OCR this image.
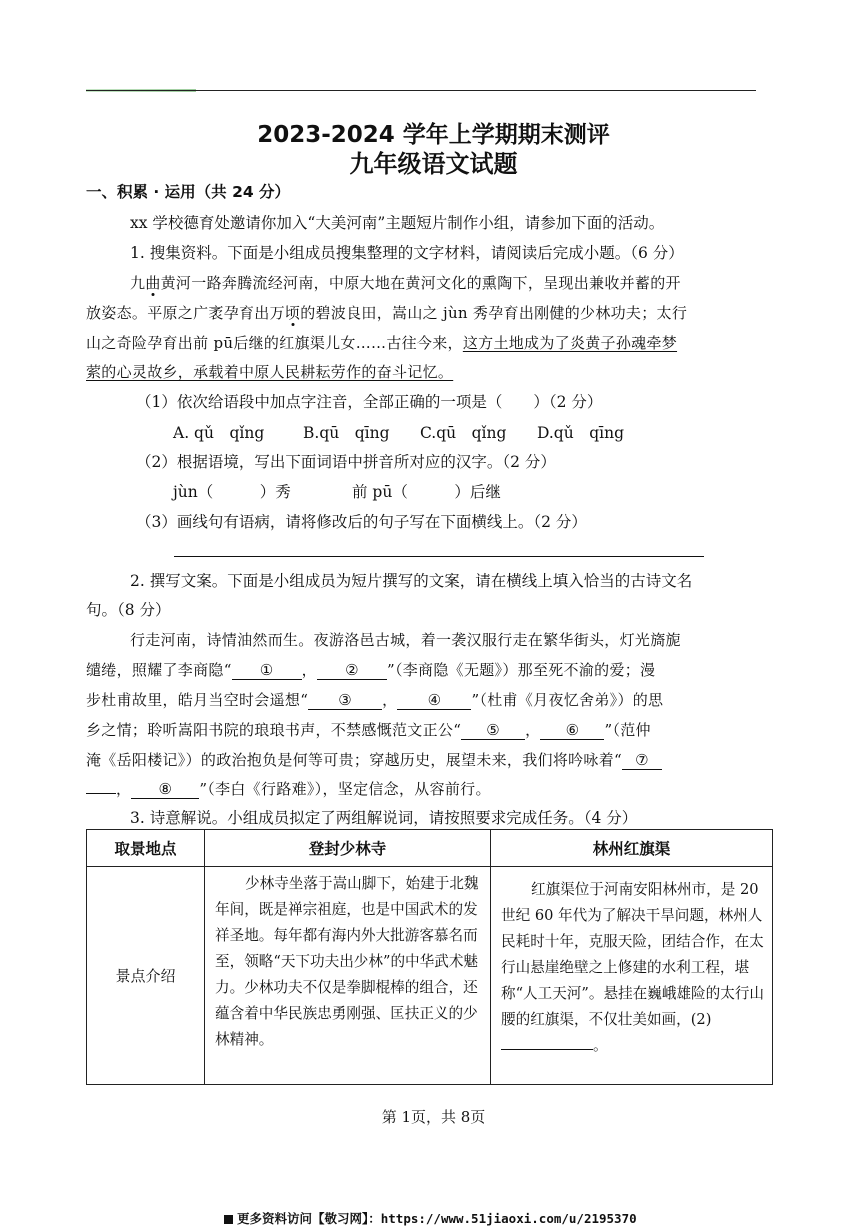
2023-2024 学年上学期期末测评
九年级语文试题
一、积累 · 运用（共 24 分）
xx 学校德育处邀请你加入“大美河南”主题短片制作小组，请参加下面的活动。
1. 搜集资料。下面是小组成员搜集整理的文字材料，请阅读后完成小题。（6 分）
九曲黄河一路奔腾流经河南，中原大地在黄河文化的熏陶下，呈现出兼收并蓄的开
放姿态。平原之广袤孕育出万顷的碧波良田，嵩山之 jùn 秀孕育出刚健的少林功夫；太行
山之奇险孕育出前 pū后继的红旗渠儿女……古往今来，这方土地成为了炎黄子孙魂牵梦
萦的心灵故乡，承载着中原人民耕耘劳作的奋斗记忆。
（1）依次给语段中加点字注音，全部正确的一项是（　　）（2 分）
A. qǔ　qǐng	B.qū　qīng C.qū　qǐng D.qǔ　qīng
（2）根据语境，写出下面词语中拼音所对应的汉字。（2 分）
jùn（　　　）秀	前 pū（　　　）后继
（3）画线句有语病，请将修改后的句子写在下面横线上。（2 分）
2. 撰写文案。下面是小组成员为短片撰写的文案，请在横线上填入恰当的古诗文名
句。（8 分）
行走河南，诗情油然而生。夜游洛邑古城，着一袭汉服行走在繁华街头，灯光旖旎
缱绻，照耀了李商隐“ ① ， ② ”（李商隐《无题》）那至死不渝的爱；漫
步杜甫故里，皓月当空时会遥想“ ③ ， ④ ”（杜甫《月夜忆舍弟》）的思
乡之情；聆听嵩阳书院的琅琅书声，不禁感慨范文正公“ ⑤ ， ⑥ ”（范仲
淹《岳阳楼记》）的政治抱负是何等可贵；穿越历史，展望未来，我们将吟咏着“ ⑦
， ⑧ ”（李白《行路难》），坚定信念，从容前行。
3. 诗意解说。小组成员拟定了两组解说词，请按照要求完成任务。（4 分）
取景地点	登封少林寺	林州红旗渠
景点介绍	少林寺坐落于嵩山脚下，始建于北魏年间，既是禅宗祖庭，也是中国武术的发祥圣地。每年都有海内外大批游客慕名而至，领略“天下功夫出少林”的中华武术魅力。少林功夫不仅是拳脚棍棒的组合，还蕴含着中华民族忠勇刚强、匡扶正义的少林精神。	红旗渠位于河南安阳林州市，是 20 世纪 60 年代为了解决干旱问题，林州人民耗时十年，克服天险，团结合作，在太行山悬崖绝壁之上修建的水利工程，堪称“人工天河”。悬挂在巍峨雄险的太行山腰的红旗渠，不仅壮美如画，(2)。
第 1页，共 8页
更多资料访问【敬习网】：https://www.51jiaoxi.com/u/2195370
